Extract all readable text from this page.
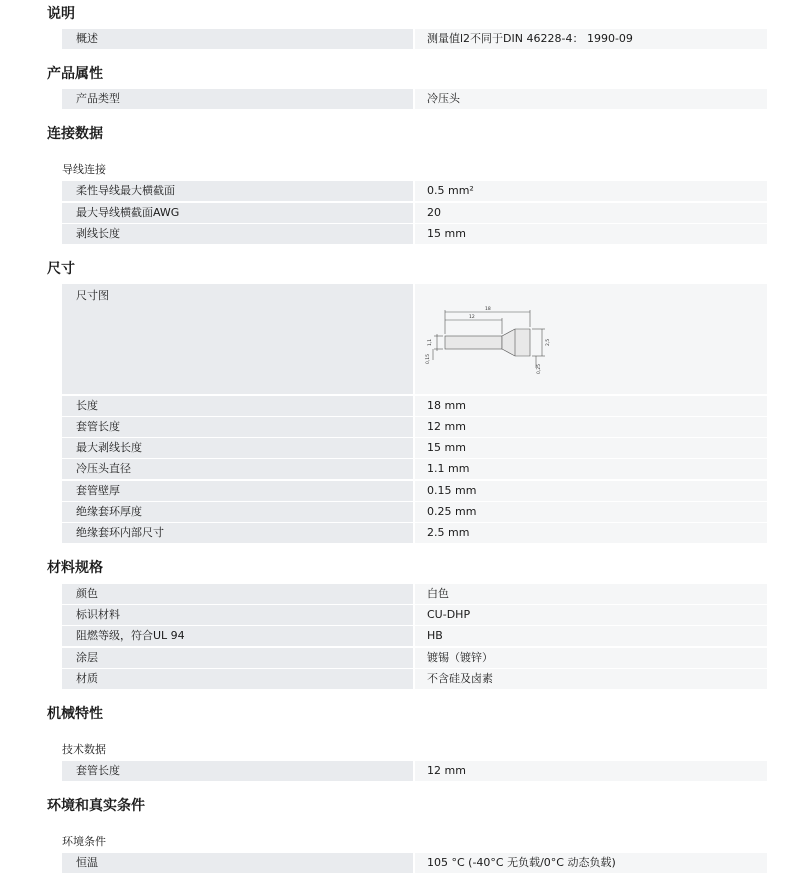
说明
概述	测量值l2不同于DIN 46228-4： 1990-09
产品属性
产品类型	冷压头
连接数据
导线连接
柔性导线最大横截面	0.5 mm²
最大导线横截面AWG	20
剥线长度	15 mm
尺寸
尺寸图
18
12
2,5
0,25
1,1
0,15
长度	18 mm
套管长度	12 mm
最大剥线长度	15 mm
冷压头直径	1.1 mm
套管壁厚	0.15 mm
绝缘套环厚度	0.25 mm
绝缘套环内部尺寸	2.5 mm
材料规格
颜色	白色
标识材料	CU-DHP
阻燃等级，符合UL 94	HB
涂层	镀锡（镀锌）
材质	不含硅及卤素
机械特性
技术数据
套管长度	12 mm
环境和真实条件
环境条件
恒温	105 °C (-40°C 无负载/0°C 动态负载)
